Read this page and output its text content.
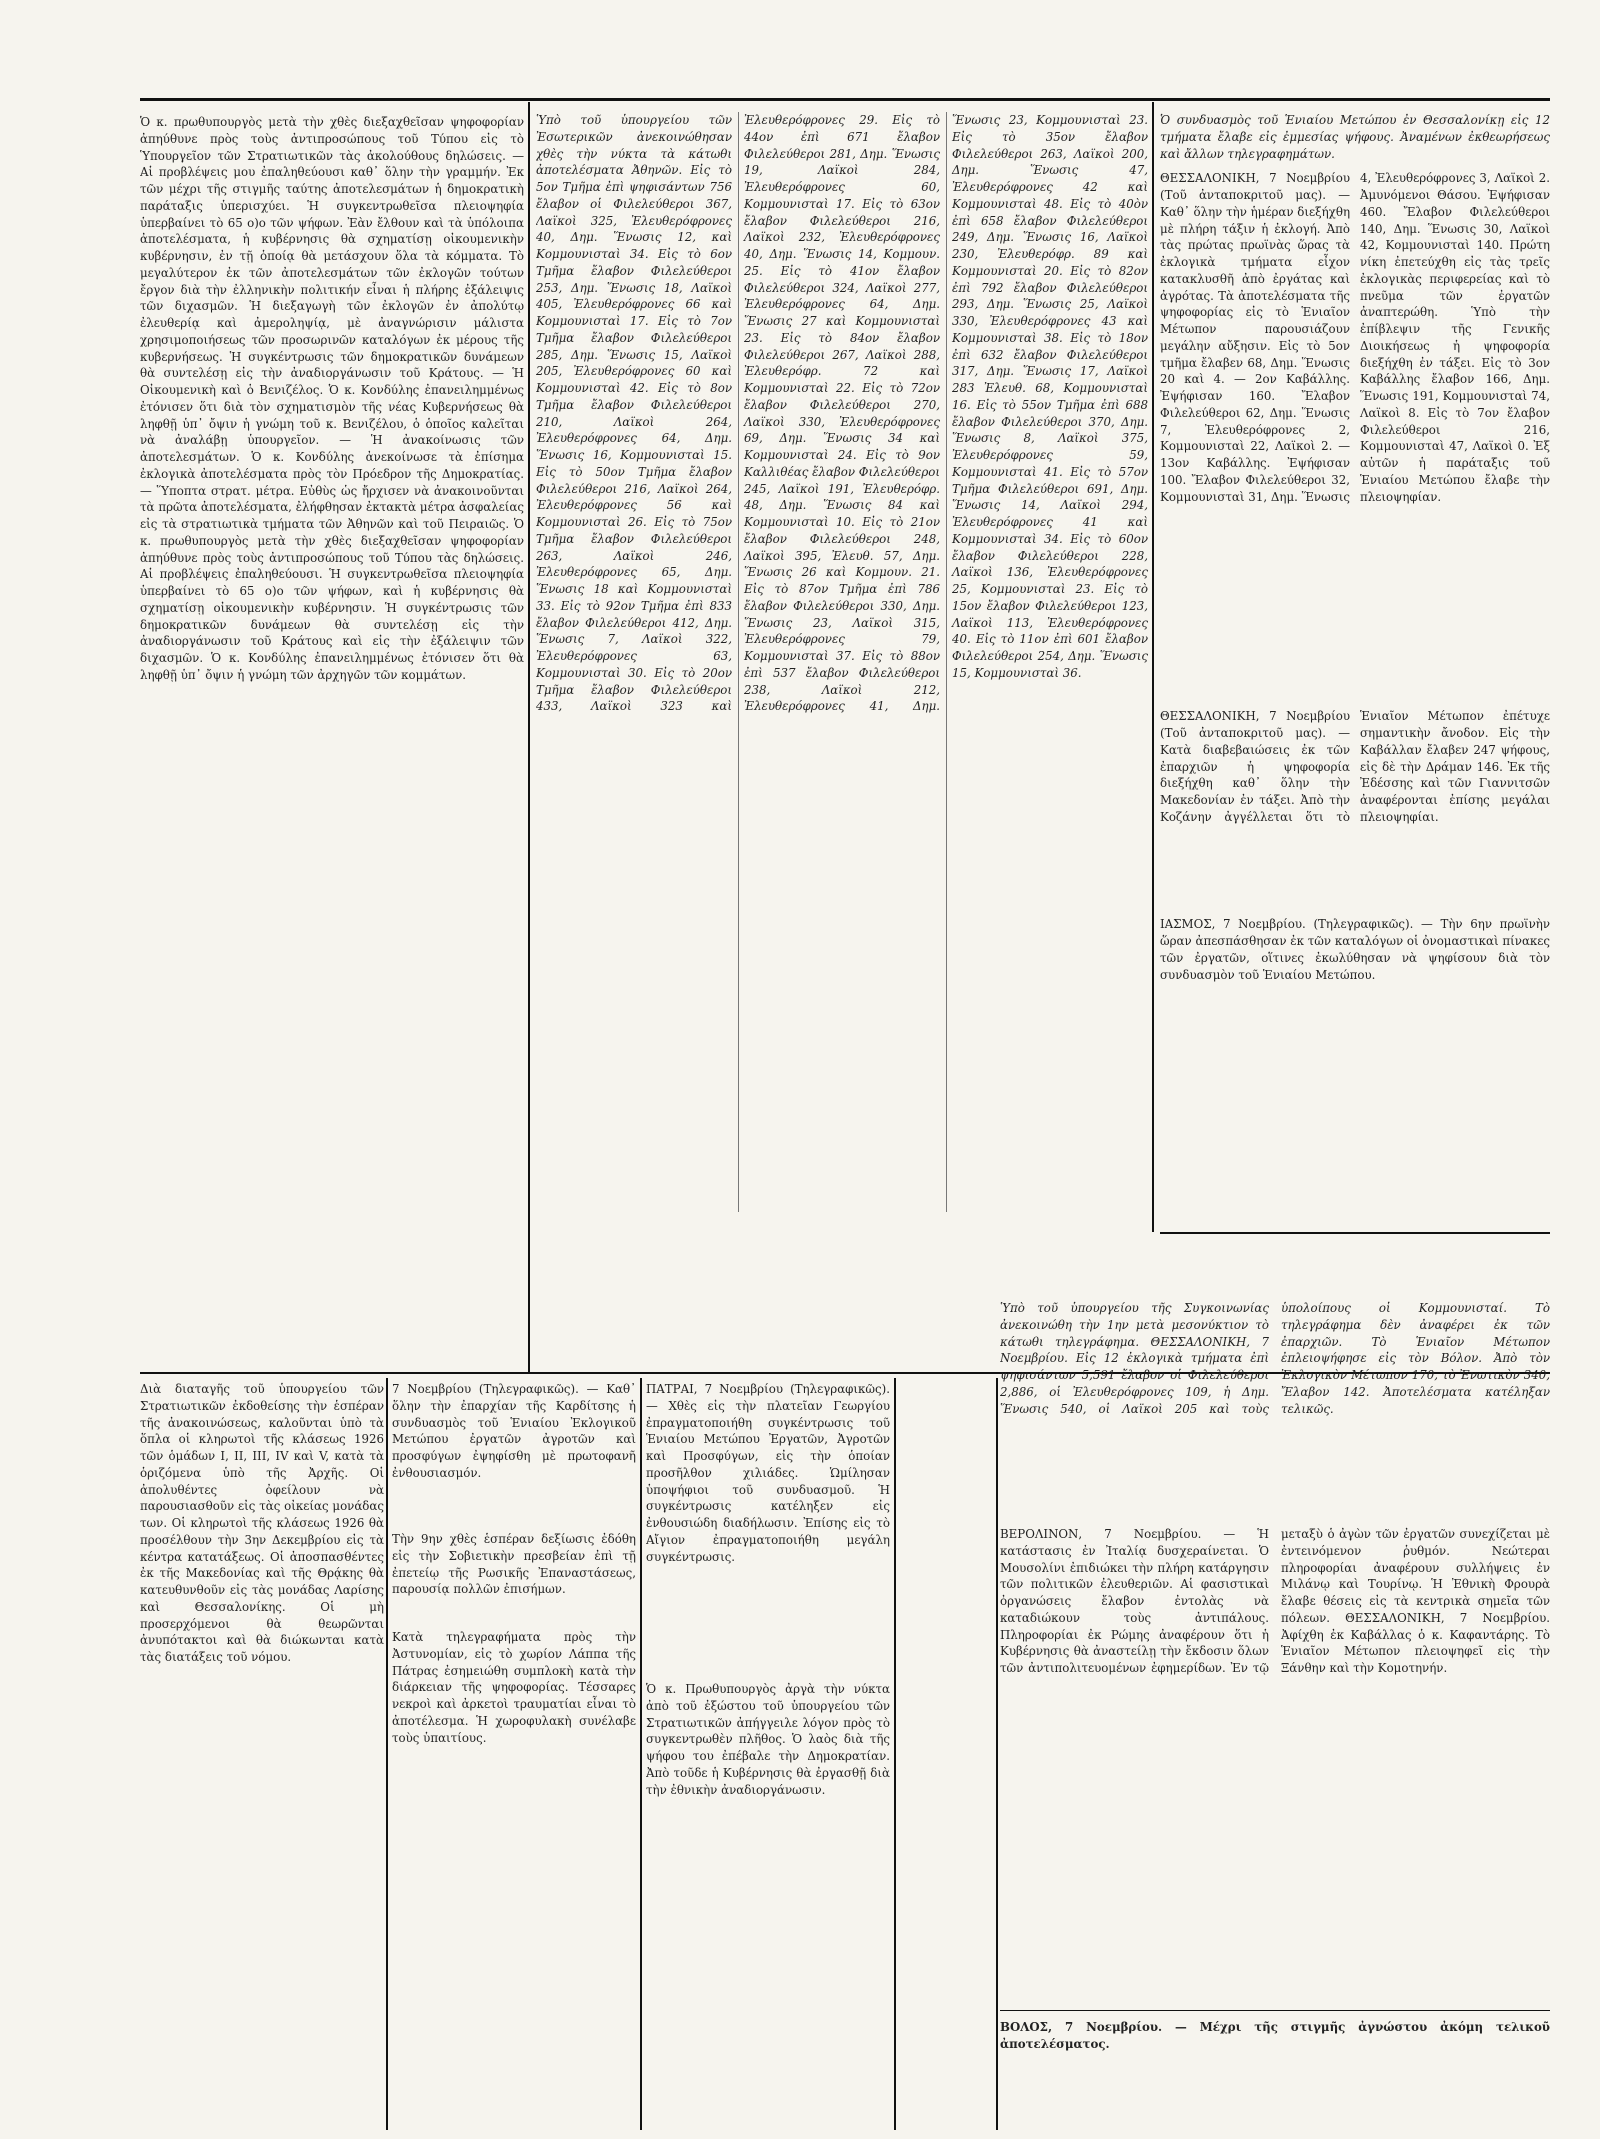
Ὁ κ. πρωθυπουργὸς μετὰ τὴν χθὲς διεξαχθεῖσαν ψηφοφορίαν ἀπηύθυνε πρὸς τοὺς ἀντιπροσώπους τοῦ Τύπου εἰς τὸ Ὑπουργεῖον τῶν Στρατιωτικῶν τὰς ἀκολούθους δηλώσεις. — Αἱ προβλέψεις μου ἐπαληθεύουσι καθ᾽ ὅλην τὴν γραμμήν. Ἐκ τῶν μέχρι τῆς στιγμῆς ταύτης ἀποτελεσμάτων ἡ δημοκρατικὴ παράταξις ὑπερισχύει. Ἡ συγκεντρωθεῖσα πλειοψηφία ὑπερβαίνει τὸ 65 ο)ο τῶν ψήφων. Ἐὰν ἔλθουν καὶ τὰ ὑπόλοιπα ἀποτελέσματα, ἡ κυβέρνησις θὰ σχηματίσῃ οἰκουμενικὴν κυβέρνησιν, ἐν τῇ ὁποίᾳ θὰ μετάσχουν ὅλα τὰ κόμματα. Τὸ μεγαλύτερον ἐκ τῶν ἀποτελεσμάτων τῶν ἐκλογῶν τούτων ἔργον διὰ τὴν ἐλληνικὴν πολιτικήν εἶναι ἡ πλήρης ἐξάλειψις τῶν διχασμῶν. Ἡ διεξαγωγὴ τῶν ἐκλογῶν ἐν ἀπολύτῳ ἐλευθερίᾳ καὶ ἀμεροληψίᾳ, μὲ ἀναγνώρισιν μάλιστα χρησιμοποιήσεως τῶν προσωρινῶν καταλόγων ἐκ μέρους τῆς κυβερνήσεως. Ἡ συγκέντρωσις τῶν δημοκρατικῶν δυνάμεων θὰ συντελέσῃ εἰς τὴν ἀναδιοργάνωσιν τοῦ Κράτους. — Ἡ Οἰκουμενικὴ καὶ ὁ Βενιζέλος. Ὁ κ. Κονδύλης ἐπανειλημμένως ἐτόνισεν ὅτι διὰ τὸν σχηματισμὸν τῆς νέας Κυβερνήσεως θὰ ληφθῇ ὑπ᾽ ὄψιν ἡ γνώμη τοῦ κ. Βενιζέλου, ὁ ὁποῖος καλεῖται νὰ ἀναλάβῃ ὑπουργεῖον. — Ἡ ἀνακοίνωσις τῶν ἀποτελεσμάτων. Ὁ κ. Κονδύλης ἀνεκοίνωσε τὰ ἐπίσημα ἐκλογικὰ ἀποτελέσματα πρὸς τὸν Πρόεδρον τῆς Δημοκρατίας. — Ὕποπτα στρατ. μέτρα. Εὐθὺς ὡς ἤρχισεν νὰ ἀνακοινοῦνται τὰ πρῶτα ἀποτελέσματα, ἐλήφθησαν ἐκτακτὰ μέτρα ἀσφαλείας εἰς τὰ στρατιωτικὰ τμήματα τῶν Ἀθηνῶν καὶ τοῦ Πειραιῶς. Ὁ κ. πρωθυπουργὸς μετὰ τὴν χθὲς διεξαχθεῖσαν ψηφοφορίαν ἀπηύθυνε πρὸς τοὺς ἀντιπροσώπους τοῦ Τύπου τὰς δηλώσεις. Αἱ προβλέψεις ἐπαληθεύουσι. Ἡ συγκεντρωθεῖσα πλειοψηφία ὑπερβαίνει τὸ 65 ο)ο τῶν ψήφων, καὶ ἡ κυβέρνησις θὰ σχηματίσῃ οἰκουμενικὴν κυβέρνησιν. Ἡ συγκέντρωσις τῶν δημοκρατικῶν δυνάμεων θὰ συντελέσῃ εἰς τὴν ἀναδιοργάνωσιν τοῦ Κράτους καὶ εἰς τὴν ἐξάλειψιν τῶν διχασμῶν. Ὁ κ. Κονδύλης ἐπανειλημμένως ἐτόνισεν ὅτι θὰ ληφθῇ ὑπ᾽ ὄψιν ἡ γνώμη τῶν ἀρχηγῶν τῶν κομμάτων.

Ὑπὸ τοῦ ὑπουργείου τῶν Ἐσωτερικῶν ἀνεκοινώθησαν χθὲς τὴν νύκτα τὰ κάτωθι ἀποτελέσματα Ἀθηνῶν. Εἰς τὸ 5ον Τμῆμα ἐπὶ ψηφισάντων 756 ἔλαβον οἱ Φιλελεύθεροι 367, Λαϊκοὶ 325, Ἐλευθερόφρονες 40, Δημ. Ἕνωσις 12, καὶ Κομμουνισταὶ 34. Εἰς τὸ 6ον Τμῆμα ἔλαβον Φιλελεύθεροι 253, Δημ. Ἕνωσις 18, Λαϊκοὶ 405, Ἐλευθερόφρονες 66 καὶ Κομμουνισταὶ 17. Εἰς τὸ 7ον Τμῆμα ἔλαβον Φιλελεύθεροι 285, Δημ. Ἕνωσις 15, Λαϊκοὶ 205, Ἐλευθερόφρονες 60 καὶ Κομμουνισταὶ 42. Εἰς τὸ 8ον Τμῆμα ἔλαβον Φιλελεύθεροι 210, Λαϊκοὶ 264, Ἐλευθερόφρονες 64, Δημ. Ἕνωσις 16, Κομμουνισταὶ 15. Εἰς τὸ 50ον Τμῆμα ἔλαβον Φιλελεύθεροι 216, Λαϊκοὶ 264, Ἐλευθερόφρονες 56 καὶ Κομμουνισταὶ 26. Εἰς τὸ 75ον Τμῆμα ἔλαβον Φιλελεύθεροι 263, Λαϊκοὶ 246, Ἐλευθερόφρονες 65, Δημ. Ἕνωσις 18 καὶ Κομμουνισταὶ 33. Εἰς τὸ 92ον Τμῆμα ἐπὶ 833 ἔλαβον Φιλελεύθεροι 412, Δημ. Ἕνωσις 7, Λαϊκοὶ 322, Ἐλευθερόφρονες 63, Κομμουνισταὶ 30. Εἰς τὸ 20ον Τμῆμα ἔλαβον Φιλελεύθεροι 433, Λαϊκοὶ 323 καὶ Ἐλευθερόφρονες 29. Εἰς τὸ 44ον ἐπὶ 671 ἔλαβον Φιλελεύθεροι 281, Δημ. Ἕνωσις 19, Λαϊκοὶ 284, Ἐλευθερόφρονες 60, Κομμουνισταὶ 17. Εἰς τὸ 63ον ἔλαβον Φιλελεύθεροι 216, Λαϊκοὶ 232, Ἐλευθερόφρονες 40, Δημ. Ἕνωσις 14, Κομμουν. 25. Εἰς τὸ 41ον ἔλαβον Φιλελεύθεροι 324, Λαϊκοὶ 277, Ἐλευθερόφρονες 64, Δημ. Ἕνωσις 27 καὶ Κομμουνισταὶ 23. Εἰς τὸ 84ον ἔλαβον Φιλελεύθεροι 267, Λαϊκοὶ 288, Ἐλευθερόφρ. 72 καὶ Κομμουνισταὶ 22. Εἰς τὸ 72ον ἔλαβον Φιλελεύθεροι 270, Λαϊκοὶ 330, Ἐλευθερόφρονες 69, Δημ. Ἕνωσις 34 καὶ Κομμουνισταὶ 24. Εἰς τὸ 9ον Καλλιθέας ἔλαβον Φιλελεύθεροι 245, Λαϊκοὶ 191, Ἐλευθερόφρ. 48, Δημ. Ἕνωσις 84 καὶ Κομμουνισταὶ 10. Εἰς τὸ 21ον ἔλαβον Φιλελεύθεροι 248, Λαϊκοὶ 395, Ἐλευθ. 57, Δημ. Ἕνωσις 26 καὶ Κομμουν. 21. Εἰς τὸ 87ον Τμῆμα ἐπὶ 786 ἔλαβον Φιλελεύθεροι 330, Δημ. Ἕνωσις 23, Λαϊκοὶ 315, Ἐλευθερόφρονες 79, Κομμουνισταὶ 37. Εἰς τὸ 88ον ἐπὶ 537 ἔλαβον Φιλελεύθεροι 238, Λαϊκοὶ 212, Ἐλευθερόφρονες 41, Δημ. Ἕνωσις 23, Κομμουνισταὶ 23. Εἰς τὸ 35ον ἔλαβον Φιλελεύθεροι 263, Λαϊκοὶ 200, Δημ. Ἕνωσις 47, Ἐλευθερόφρονες 42 καὶ Κομμουνισταὶ 48. Εἰς τὸ 40ὸν ἐπὶ 658 ἔλαβον Φιλελεύθεροι 249, Δημ. Ἕνωσις 16, Λαϊκοὶ 230, Ἐλευθερόφρ. 89 καὶ Κομμουνισταὶ 20. Εἰς τὸ 82ον ἐπὶ 792 ἔλαβον Φιλελεύθεροι 293, Δημ. Ἕνωσις 25, Λαϊκοὶ 330, Ἐλευθερόφρονες 43 καὶ Κομμουνισταὶ 38. Εἰς τὸ 18ον ἐπὶ 632 ἔλαβον Φιλελεύθεροι 317, Δημ. Ἕνωσις 17, Λαϊκοὶ 283 Ἐλευθ. 68, Κομμουνισταὶ 16. Εἰς τὸ 55ον Τμῆμα ἐπὶ 688 ἔλαβον Φιλελεύθεροι 370, Δημ. Ἕνωσις 8, Λαϊκοὶ 375, Ἐλευθερόφρονες 59, Κομμουνισταὶ 41. Εἰς τὸ 57ον Τμῆμα Φιλελεύθεροι 691, Δημ. Ἕνωσις 14, Λαϊκοὶ 294, Ἐλευθερόφρονες 41 καὶ Κομμουνισταὶ 34. Εἰς τὸ 60ον ἔλαβον Φιλελεύθεροι 228, Λαϊκοὶ 136, Ἐλευθερόφρονες 25, Κομμουνισταὶ 23. Εἰς τὸ 15ον ἔλαβον Φιλελεύθεροι 123, Λαϊκοὶ 113, Ἐλευθερόφρονες 40. Εἰς τὸ 11ον ἐπὶ 601 ἔλαβον Φιλελεύθεροι 254, Δημ. Ἕνωσις 15, Κομμουνισταὶ 36.

Ὁ συνδυασμὸς τοῦ Ἑνιαίου Μετώπου ἐν Θεσσαλονίκῃ εἰς 12 τμήματα ἔλαβε εἰς ἐμμεσίας ψήφους. Ἀναμένων ἐκθεωρήσεως καὶ ἄλλων τηλεγραφημάτων.

ΘΕΣΣΑΛΟΝΙΚΗ, 7 Νοεμβρίου (Τοῦ ἀνταποκριτοῦ μας). — Καθ᾽ ὅλην τὴν ἡμέραν διεξήχθη μὲ πλήρη τάξιν ἡ ἐκλογή. Ἀπὸ τὰς πρώτας πρωϊνὰς ὥρας τὰ ἐκλογικὰ τμήματα εἶχον κατακλυσθῆ ἀπὸ ἐργάτας καὶ ἀγρότας. Τὰ ἀποτελέσματα τῆς ψηφοφορίας εἰς τὸ Ἑνιαῖον Μέτωπον παρουσιάζουν μεγάλην αὔξησιν. Εἰς τὸ 5ον τμῆμα ἔλαβεν 68, Δημ. Ἕνωσις 20 καὶ 4. — 2ον Καβάλλης. Ἐψήφισαν 160. Ἔλαβον Φιλελεύθεροι 62, Δημ. Ἕνωσις 7, Ἐλευθερόφρονες 2, Κομμουνισταὶ 22, Λαϊκοὶ 2. — 13ον Καβάλλης. Ἐψήφισαν 100. Ἔλαβον Φιλελεύθεροι 32, Κομμουνισταὶ 31, Δημ. Ἕνωσις 4, Ἐλευθερόφρονες 3, Λαϊκοὶ 2. Ἀμυνόμενοι Θάσου. Ἐψήφισαν 460. Ἔλαβον Φιλελεύθεροι 140, Δημ. Ἕνωσις 30, Λαϊκοὶ 42, Κομμουνισταὶ 140. Πρώτη νίκη ἐπετεύχθη εἰς τὰς τρεῖς ἐκλογικὰς περιφερείας καὶ τὸ πνεῦμα τῶν ἐργατῶν ἀναπτερώθη. Ὑπὸ τὴν ἐπίβλεψιν τῆς Γενικῆς Διοικήσεως ἡ ψηφοφορία διεξήχθη ἐν τάξει. Εἰς τὸ 3ον Καβάλλης ἔλαβον 166, Δημ. Ἕνωσις 191, Κομμουνισταὶ 74, Λαϊκοὶ 8. Εἰς τὸ 7ον ἔλαβον Φιλελεύθεροι 216, Κομμουνισταὶ 47, Λαϊκοὶ 0. Ἐξ αὐτῶν ἡ παράταξις τοῦ Ἑνιαίου Μετώπου ἔλαβε τὴν πλειοψηφίαν.

ΘΕΣΣΑΛΟΝΙΚΗ, 7 Νοεμβρίου (Τοῦ ἀνταποκριτοῦ μας). — Κατὰ διαβεβαιώσεις ἐκ τῶν ἐπαρχιῶν ἡ ψηφοφορία διεξήχθη καθ᾽ ὅλην τὴν Μακεδονίαν ἐν τάξει. Ἀπὸ τὴν Κοζάνην ἀγγέλλεται ὅτι τὸ Ἑνιαῖον Μέτωπον ἐπέτυχε σημαντικὴν ἄνοδον. Εἰς τὴν Καβάλλαν ἔλαβεν 247 ψήφους, εἰς δὲ τὴν Δράμαν 146. Ἐκ τῆς Ἐδέσσης καὶ τῶν Γιαννιτσῶν ἀναφέρονται ἐπίσης μεγάλαι πλειοψηφίαι.

ΙΑΣΜΟΣ, 7 Νοεμβρίου. (Τηλεγραφικῶς). — Τὴν 6ην πρωϊνὴν ὥραν ἀπεσπάσθησαν ἐκ τῶν καταλόγων οἱ ὀνομαστικαὶ πίνακες τῶν ἐργατῶν, οἵτινες ἐκωλύθησαν νὰ ψηφίσουν διὰ τὸν συνδυασμὸν τοῦ Ἑνιαίου Μετώπου.

Ὑπὸ τοῦ ὑπουργείου τῆς Συγκοινωνίας ἀνεκοινώθη τὴν 1ην μετὰ μεσονύκτιον τὸ κάτωθι τηλεγράφημα. ΘΕΣΣΑΛΟΝΙΚΗ, 7 Νοεμβρίου. Εἰς 12 ἐκλογικὰ τμήματα ἐπὶ ψηφισάντων 5,591 ἔλαβον οἱ Φιλελεύθεροι 2,886, οἱ Ἐλευθερόφρονες 109, ἡ Δημ. Ἕνωσις 540, οἱ Λαϊκοὶ 205 καὶ τοὺς ὑπολοίπους οἱ Κομμουνισταί. Τὸ τηλεγράφημα δὲν ἀναφέρει ἐκ τῶν ἐπαρχιῶν. Τὸ Ἑνιαῖον Μέτωπον ἐπλειοψήφησε εἰς τὸν Βόλον. Ἀπὸ τὸν Ἐκλογικὸν Μέτωπον 170, τὸ Ἐνωτικὸν 340, Ἔλαβον 142. Ἀποτελέσματα κατέληξαν τελικῶς.

ΒΕΡΟΛΙΝΟΝ, 7 Νοεμβρίου. — Ἡ κατάστασις ἐν Ἰταλίᾳ δυσχεραίνεται. Ὁ Μουσολίνι ἐπιδιώκει τὴν πλήρη κατάργησιν τῶν πολιτικῶν ἐλευθεριῶν. Αἱ φασιστικαὶ ὀργανώσεις ἔλαβον ἐντολὰς νὰ καταδιώκουν τοὺς ἀντιπάλους. Πληροφορίαι ἐκ Ρώμης ἀναφέρουν ὅτι ἡ Κυβέρνησις θὰ ἀναστείλῃ τὴν ἔκδοσιν ὅλων τῶν ἀντιπολιτευομένων ἐφημερίδων. Ἐν τῷ μεταξὺ ὁ ἀγὼν τῶν ἐργατῶν συνεχίζεται μὲ ἐντεινόμενον ῥυθμόν. Νεώτεραι πληροφορίαι ἀναφέρουν συλλήψεις ἐν Μιλάνῳ καὶ Τουρίνῳ. Ἡ Ἐθνικὴ Φρουρὰ ἔλαβε θέσεις εἰς τὰ κεντρικὰ σημεῖα τῶν πόλεων. ΘΕΣΣΑΛΟΝΙΚΗ, 7 Νοεμβρίου. Ἀφίχθη ἐκ Καβάλλας ὁ κ. Καφαντάρης. Τὸ Ἑνιαῖον Μέτωπον πλειοψηφεῖ εἰς τὴν Ξάνθην καὶ τὴν Κομοτηνήν.

ΒΟΛΟΣ, 7 Νοεμβρίου. — Μέχρι τῆς στιγμῆς ἀγνώστου ἀκόμη τελικοῦ ἀποτελέσματος.

Διὰ διαταγῆς τοῦ ὑπουργείου τῶν Στρατιωτικῶν ἐκδοθείσης τὴν ἑσπέραν τῆς ἀνακοινώσεως, καλοῦνται ὑπὸ τὰ ὅπλα οἱ κληρωτοὶ τῆς κλάσεως 1926 τῶν ὁμάδων Ι, ΙΙ, ΙΙΙ, IV καὶ V, κατὰ τὰ ὁριζόμενα ὑπὸ τῆς Ἀρχῆς. Οἱ ἀπολυθέντες ὀφείλουν νὰ παρουσιασθοῦν εἰς τὰς οἰκείας μονάδας των. Οἱ κληρωτοὶ τῆς κλάσεως 1926 θὰ προσέλθουν τὴν 3ην Δεκεμβρίου εἰς τὰ κέντρα κατατάξεως. Οἱ ἀποσπασθέντες ἐκ τῆς Μακεδονίας καὶ τῆς Θρᾴκης θὰ κατευθυνθοῦν εἰς τὰς μονάδας Λαρίσης καὶ Θεσσαλονίκης. Οἱ μὴ προσερχόμενοι θὰ θεωρῶνται ἀνυπότακτοι καὶ θὰ διώκωνται κατὰ τὰς διατάξεις τοῦ νόμου.

7 Νοεμβρίου (Τηλεγραφικῶς). — Καθ᾽ ὅλην τὴν ἐπαρχίαν τῆς Καρδίτσης ἡ συνδυασμὸς τοῦ Ἑνιαίου Ἐκλογικοῦ Μετώπου ἐργατῶν ἀγροτῶν καὶ προσφύγων ἐψηφίσθη μὲ πρωτοφανῆ ἐνθουσιασμόν.

Τὴν 9ην χθὲς ἑσπέραν δεξίωσις ἐδόθη εἰς τὴν Σοβιετικὴν πρεσβείαν ἐπὶ τῇ ἐπετείῳ τῆς Ρωσικῆς Ἐπαναστάσεως, παρουσίᾳ πολλῶν ἐπισήμων.

Κατὰ τηλεγραφήματα πρὸς τὴν Ἀστυνομίαν, εἰς τὸ χωρίον Λάππα τῆς Πάτρας ἐσημειώθη συμπλοκὴ κατὰ τὴν διάρκειαν τῆς ψηφοφορίας. Τέσσαρες νεκροὶ καὶ ἀρκετοὶ τραυματίαι εἶναι τὸ ἀποτέλεσμα. Ἡ χωροφυλακὴ συνέλαβε τοὺς ὑπαιτίους.

ΠΑΤΡΑΙ, 7 Νοεμβρίου (Τηλεγραφικῶς). — Χθὲς εἰς τὴν πλατεῖαν Γεωργίου ἐπραγματοποιήθη συγκέντρωσις τοῦ Ἑνιαίου Μετώπου Ἐργατῶν, Ἀγροτῶν καὶ Προσφύγων, εἰς τὴν ὁποίαν προσῆλθον χιλιάδες. Ὡμίλησαν ὑποψήφιοι τοῦ συνδυασμοῦ. Ἡ συγκέντρωσις κατέληξεν εἰς ἐνθουσιώδη διαδήλωσιν. Ἐπίσης εἰς τὸ Αἴγιον ἐπραγματοποιήθη μεγάλη συγκέντρωσις.

Ὁ κ. Πρωθυπουργὸς ἀργὰ τὴν νύκτα ἀπὸ τοῦ ἐξώστου τοῦ ὑπουργείου τῶν Στρατιωτικῶν ἀπήγγειλε λόγον πρὸς τὸ συγκεντρωθὲν πλῆθος. Ὁ λαὸς διὰ τῆς ψήφου του ἐπέβαλε τὴν Δημοκρατίαν. Ἀπὸ τοῦδε ἡ Κυβέρνησις θὰ ἐργασθῇ διὰ τὴν ἐθνικὴν ἀναδιοργάνωσιν.
